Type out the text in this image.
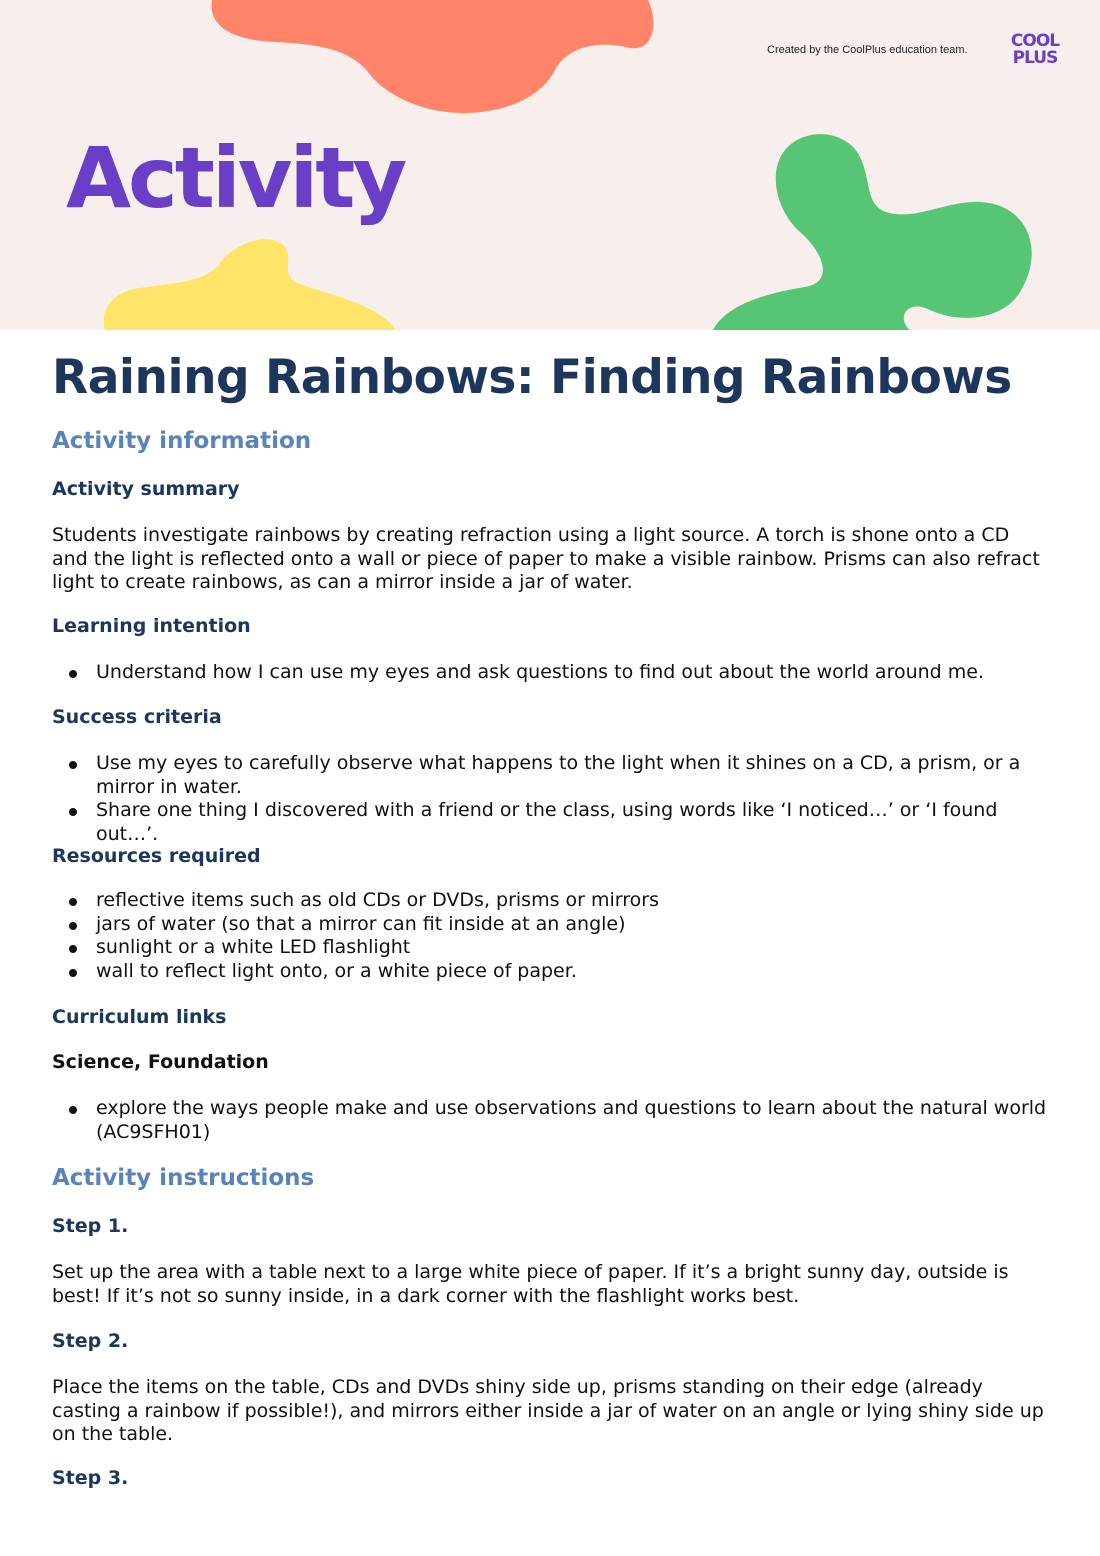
Created by the CoolPlus education team.	COOL
PLUS
Activity
Raining Rainbows: Finding Rainbows
Activity information
Activity summary

Students investigate rainbows by creating refraction using a light source. A torch is shone onto a CD and the light is reflected onto a wall or piece of paper to make a visible rainbow. Prisms can also refract light to create rainbows, as can a mirror inside a jar of water.

Learning intention
Understand how I can use my eyes and ask questions to find out about the world around me.
Success criteria
Use my eyes to carefully observe what happens to the light when it shines on a CD, a prism, or a mirror in water.
Share one thing I discovered with a friend or the class, using words like ‘I noticed…’ or ‘I found out…’.
Resources required
reflective items such as old CDs or DVDs, prisms or mirrors
jars of water (so that a mirror can fit inside at an angle)
sunlight or a white LED flashlight
wall to reflect light onto, or a white piece of paper.
Curriculum links
Science, Foundation
explore the ways people make and use observations and questions to learn about the natural world (AC9SFH01)
Activity instructions
Step 1.

Set up the area with a table next to a large white piece of paper. If it’s a bright sunny day, outside is best! If it’s not so sunny inside, in a dark corner with the flashlight works best.

Step 2.

Place the items on the table, CDs and DVDs shiny side up, prisms standing on their edge (already casting a rainbow if possible!), and mirrors either inside a jar of water on an angle or lying shiny side up on the table.

Step 3.
